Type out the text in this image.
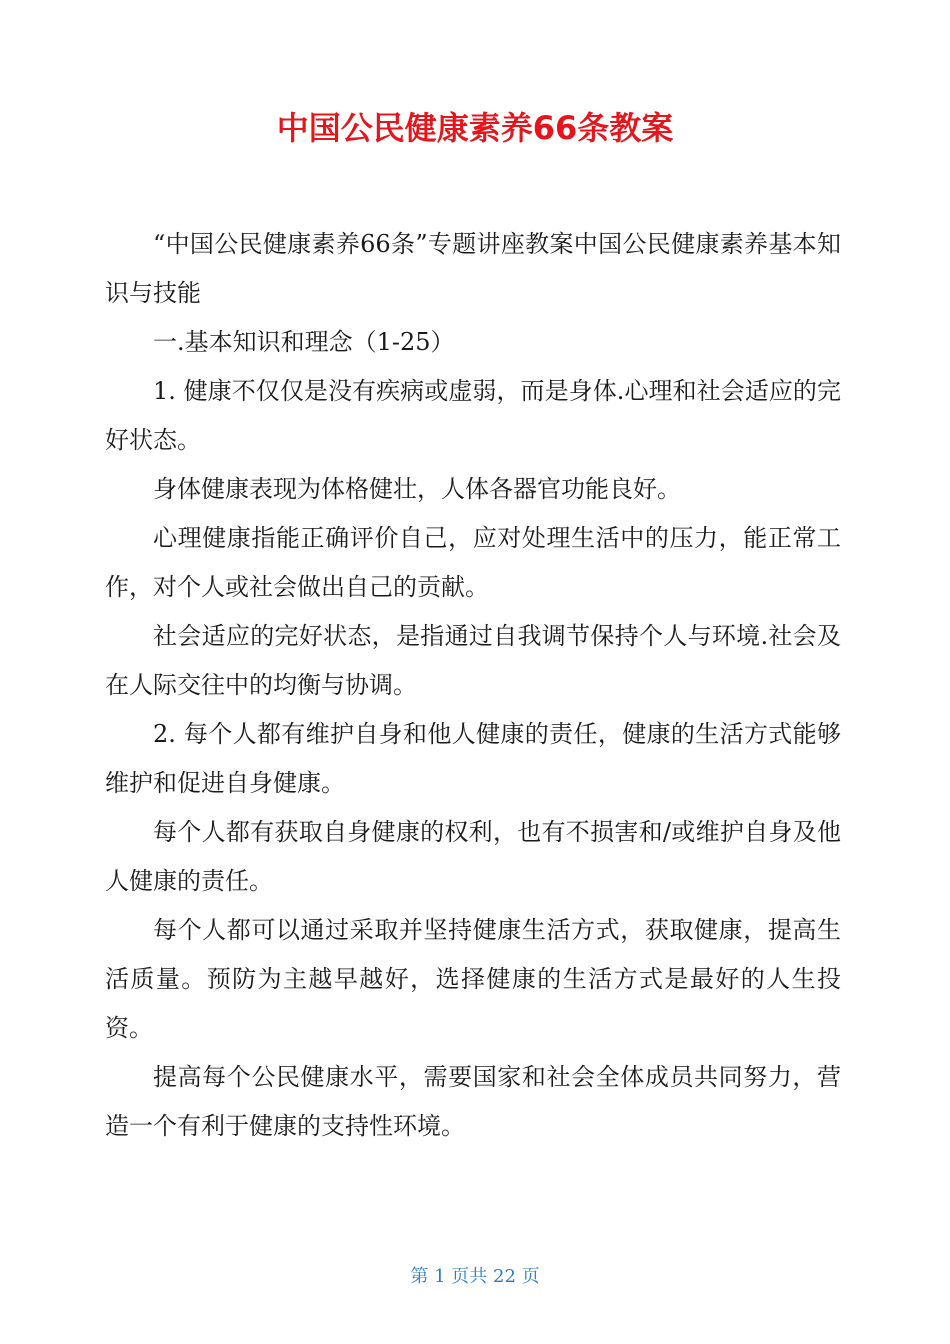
中国公民健康素养66条教案

“中国公民健康素养66条”专题讲座教案中国公民健康素养基本知识与技能

一.基本知识和理念（1-25）

1. 健康不仅仅是没有疾病或虚弱，而是身体.心理和社会适应的完好状态。

身体健康表现为体格健壮，人体各器官功能良好。

心理健康指能正确评价自己，应对处理生活中的压力，能正常工作，对个人或社会做出自己的贡献。

社会适应的完好状态，是指通过自我调节保持个人与环境.社会及在人际交往中的均衡与协调。

2. 每个人都有维护自身和他人健康的责任，健康的生活方式能够维护和促进自身健康。

每个人都有获取自身健康的权利，也有不损害和/或维护自身及他人健康的责任。

每个人都可以通过采取并坚持健康生活方式，获取健康，提高生活质量。预防为主越早越好，选择健康的生活方式是最好的人生投资。

提高每个公民健康水平，需要国家和社会全体成员共同努力，营造一个有利于健康的支持性环境。

第 1 页共 22 页
